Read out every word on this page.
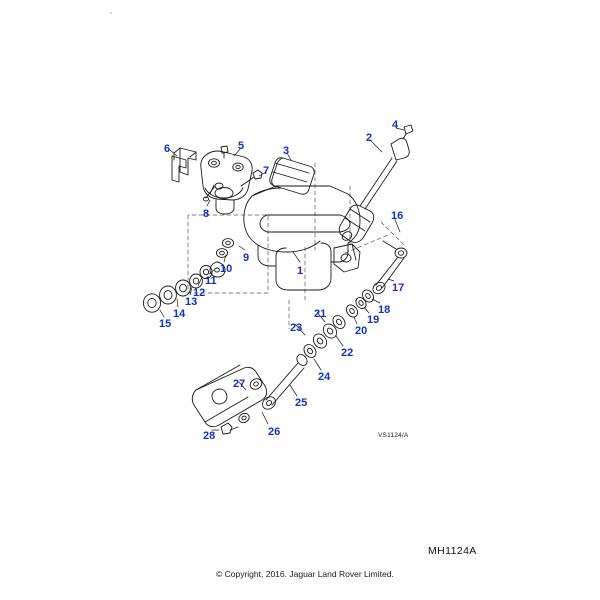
1
2
3
4
5
6
7
8
9
10
11
12
13
14
15
16
17
18
19
20
21
22
23
24
25
26
27
28	VS1124/A
MH1124A
© Copyright, 2016. Jaguar Land Rover Limited.
